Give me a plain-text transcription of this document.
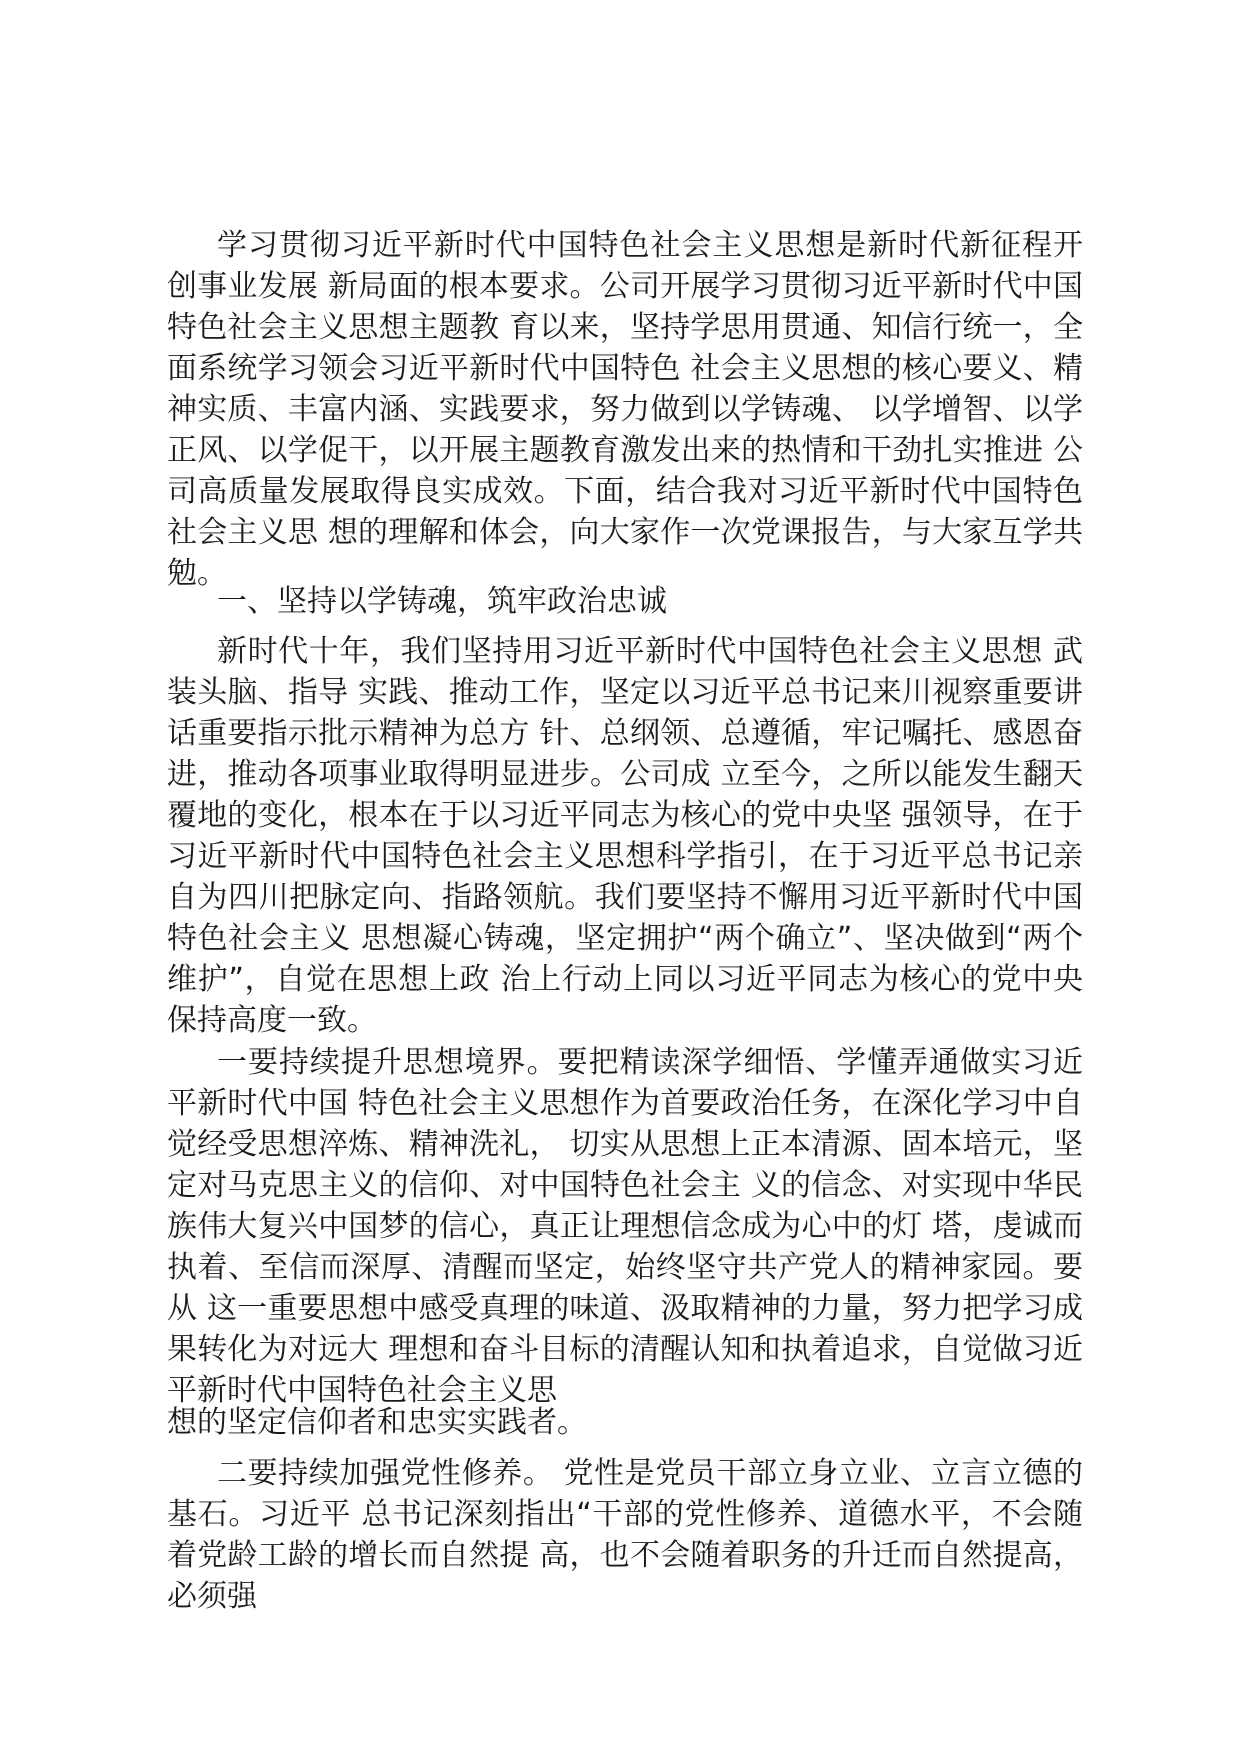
学习贯彻习近平新时代中国特色社会主义思想是新时代新征程开创事业发展 新局面的根本要求。公司开展学习贯彻习近平新时代中国特色社会主义思想主题教 育以来，坚持学思用贯通、知信行统一，全面系统学习领会习近平新时代中国特色 社会主义思想的核心要义、精神实质、丰富内涵、实践要求，努力做到以学铸魂、 以学增智、以学正风、以学促干，以开展主题教育激发出来的热情和干劲扎实推进 公司高质量发展取得良实成效。下面，结合我对习近平新时代中国特色社会主义思 想的理解和体会，向大家作一次党课报告，与大家互学共勉。

一、坚持以学铸魂，筑牢政治忠诚

新时代十年，我们坚持用习近平新时代中国特色社会主义思想 武装头脑、指导 实践、推动工作，坚定以习近平总书记来川视察重要讲话重要指示批示精神为总方 针、总纲领、总遵循，牢记嘱托、感恩奋进，推动各项事业取得明显进步。公司成 立至今，之所以能发生翻天覆地的变化，根本在于以习近平同志为核心的党中央坚 强领导，在于习近平新时代中国特色社会主义思想科学指引，在于习近平总书记亲自为四川把脉定向、指路领航。我们要坚持不懈用习近平新时代中国特色社会主义 思想凝心铸魂，坚定拥护“两个确立”、坚决做到“两个维护”，自觉在思想上政 治上行动上同以习近平同志为核心的党中央保持高度一致。

一要持续提升思想境界。要把精读深学细悟、学懂弄通做实习近平新时代中国 特色社会主义思想作为首要政治任务，在深化学习中自觉经受思想淬炼、精神洗礼， 切实从思想上正本清源、固本培元，坚定对马克思主义的信仰、对中国特色社会主 义的信念、对实现中华民族伟大复兴中国梦的信心，真正让理想信念成为心中的灯 塔，虔诚而执着、至信而深厚、清醒而坚定，始终坚守共产党人的精神家园。要从 这一重要思想中感受真理的味道、汲取精神的力量，努力把学习成果转化为对远大 理想和奋斗目标的清醒认知和执着追求，自觉做习近平新时代中国特色社会主义思

想的坚定信仰者和忠实实践者。

二要持续加强党性修养。 党性是党员干部立身立业、立言立德的基石。习近平 总书记深刻指出“干部的党性修养、道德水平，不会随着党龄工龄的增长而自然提 高，也不会随着职务的升迁而自然提高，必须强
